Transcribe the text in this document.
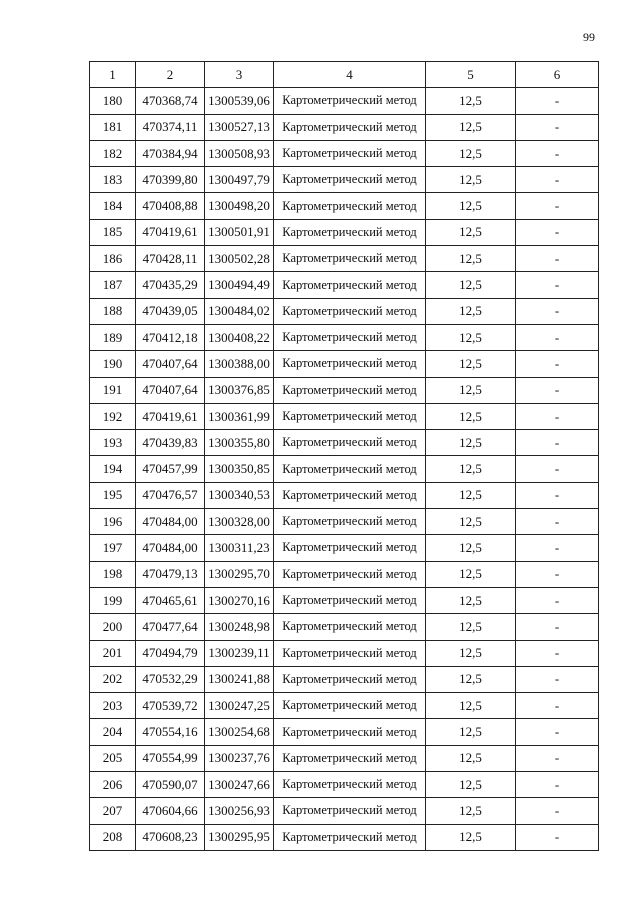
99
1	2	3	4	5	6
180	470368,74	1300539,06	Картометрический метод	12,5	-
181	470374,11	1300527,13	Картометрический метод	12,5	-
182	470384,94	1300508,93	Картометрический метод	12,5	-
183	470399,80	1300497,79	Картометрический метод	12,5	-
184	470408,88	1300498,20	Картометрический метод	12,5	-
185	470419,61	1300501,91	Картометрический метод	12,5	-
186	470428,11	1300502,28	Картометрический метод	12,5	-
187	470435,29	1300494,49	Картометрический метод	12,5	-
188	470439,05	1300484,02	Картометрический метод	12,5	-
189	470412,18	1300408,22	Картометрический метод	12,5	-
190	470407,64	1300388,00	Картометрический метод	12,5	-
191	470407,64	1300376,85	Картометрический метод	12,5	-
192	470419,61	1300361,99	Картометрический метод	12,5	-
193	470439,83	1300355,80	Картометрический метод	12,5	-
194	470457,99	1300350,85	Картометрический метод	12,5	-
195	470476,57	1300340,53	Картометрический метод	12,5	-
196	470484,00	1300328,00	Картометрический метод	12,5	-
197	470484,00	1300311,23	Картометрический метод	12,5	-
198	470479,13	1300295,70	Картометрический метод	12,5	-
199	470465,61	1300270,16	Картометрический метод	12,5	-
200	470477,64	1300248,98	Картометрический метод	12,5	-
201	470494,79	1300239,11	Картометрический метод	12,5	-
202	470532,29	1300241,88	Картометрический метод	12,5	-
203	470539,72	1300247,25	Картометрический метод	12,5	-
204	470554,16	1300254,68	Картометрический метод	12,5	-
205	470554,99	1300237,76	Картометрический метод	12,5	-
206	470590,07	1300247,66	Картометрический метод	12,5	-
207	470604,66	1300256,93	Картометрический метод	12,5	-
208	470608,23	1300295,95	Картометрический метод	12,5	-
